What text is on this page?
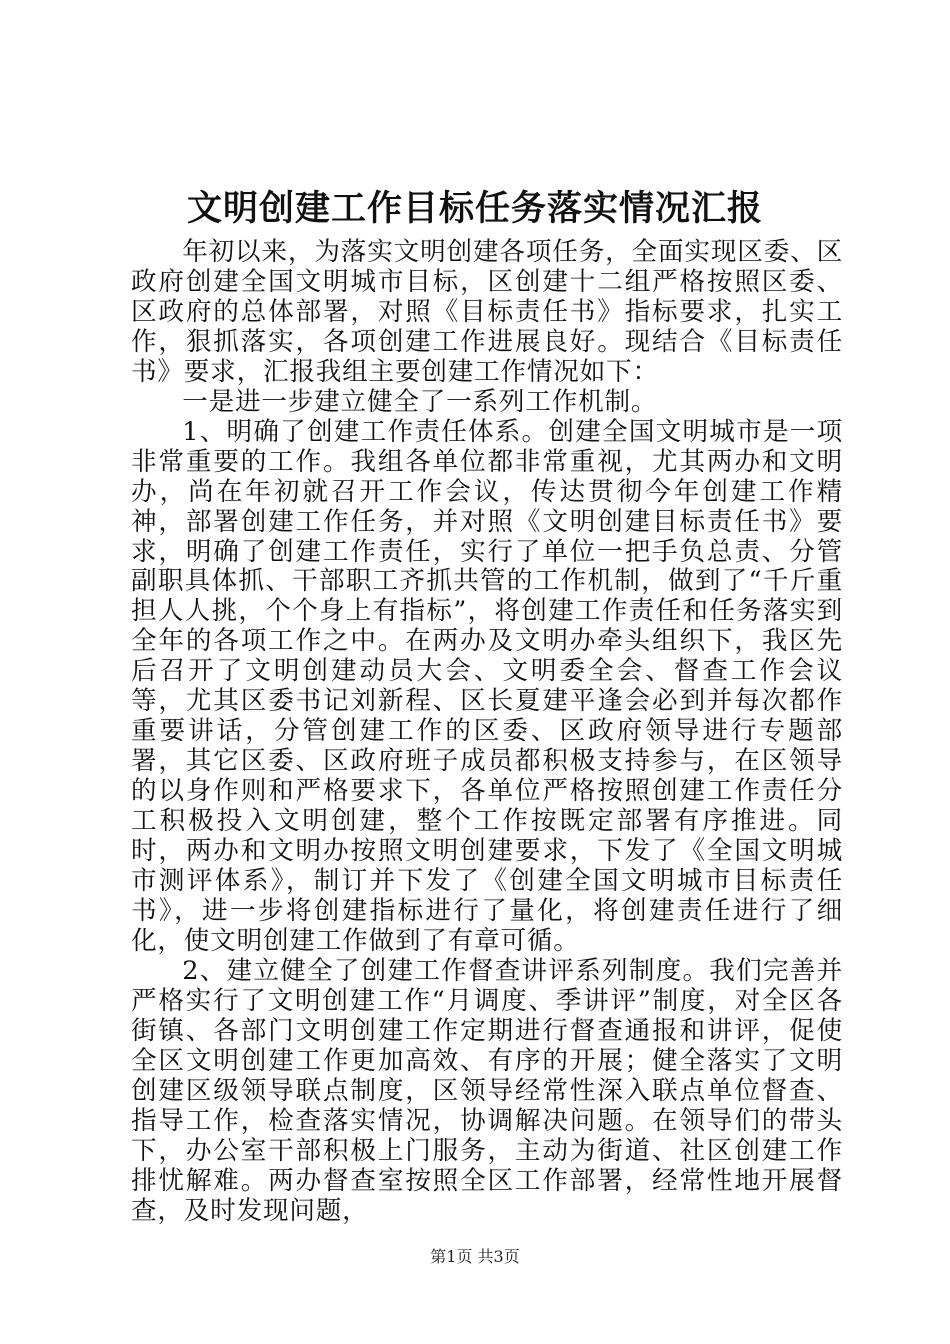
文明创建工作目标任务落实情况汇报

年初以来，为落实文明创建各项任务，全面实现区委、区政府创建全国文明城市目标，区创建十二组严格按照区委、区政府的总体部署，对照《目标责任书》指标要求，扎实工作，狠抓落实，各项创建工作进展良好。现结合《目标责任书》要求，汇报我组主要创建工作情况如下：

一是进一步建立健全了一系列工作机制。

1、明确了创建工作责任体系。创建全国文明城市是一项非常重要的工作。我组各单位都非常重视，尤其两办和文明办，尚在年初就召开工作会议，传达贯彻今年创建工作精神，部署创建工作任务，并对照《文明创建目标责任书》要求，明确了创建工作责任，实行了单位一把手负总责、分管副职具体抓、干部职工齐抓共管的工作机制，做到了“千斤重担人人挑，个个身上有指标”，将创建工作责任和任务落实到全年的各项工作之中。在两办及文明办牵头组织下，我区先后召开了文明创建动员大会、文明委全会、督查工作会议等，尤其区委书记刘新程、区长夏建平逢会必到并每次都作重要讲话，分管创建工作的区委、区政府领导进行专题部署，其它区委、区政府班子成员都积极支持参与，在区领导的以身作则和严格要求下，各单位严格按照创建工作责任分工积极投入文明创建，整个工作按既定部署有序推进。同时，两办和文明办按照文明创建要求，下发了《全国文明城市测评体系》，制订并下发了《创建全国文明城市目标责任书》，进一步将创建指标进行了量化，将创建责任进行了细化，使文明创建工作做到了有章可循。

2、建立健全了创建工作督查讲评系列制度。我们完善并严格实行了文明创建工作“月调度、季讲评”制度，对全区各街镇、各部门文明创建工作定期进行督查通报和讲评，促使全区文明创建工作更加高效、有序的开展；健全落实了文明创建区级领导联点制度，区领导经常性深入联点单位督查、指导工作，检查落实情况，协调解决问题。在领导们的带头下，办公室干部积极上门服务，主动为街道、社区创建工作排忧解难。两办督查室按照全区工作部署，经常性地开展督查，及时发现问题，

第1页 共3页
